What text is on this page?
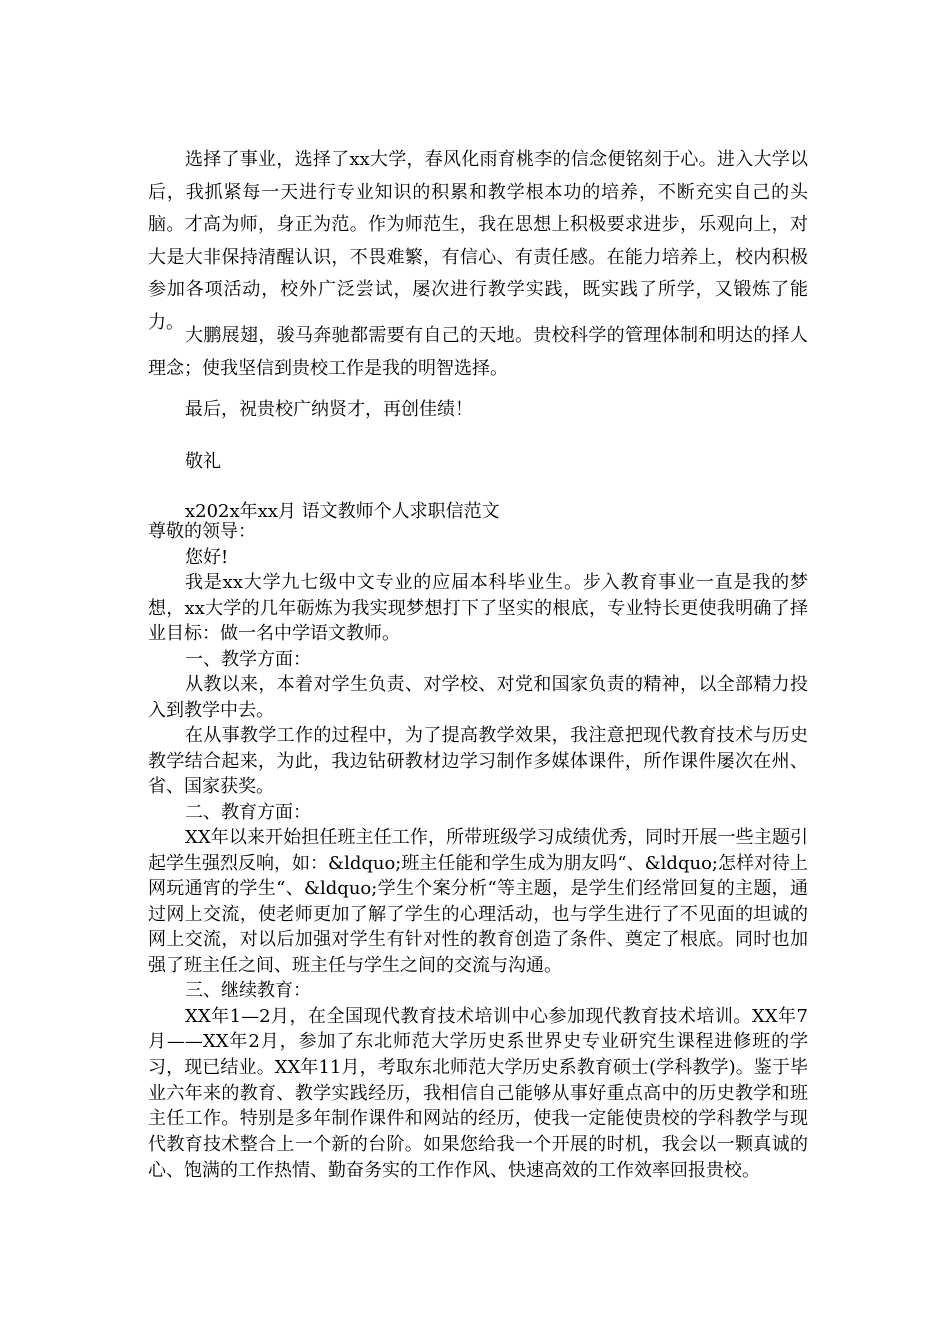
选择了事业，选择了xx大学，春风化雨育桃李的信念便铭刻于心。进入大学以后，我抓紧每一天进行专业知识的积累和教学根本功的培养，不断充实自己的头脑。才高为师，身正为范。作为师范生，我在思想上积极要求进步，乐观向上，对大是大非保持清醒认识，不畏难繁，有信心、有责任感。在能力培养上，校内积极参加各项活动，校外广泛尝试，屡次进行教学实践，既实践了所学，又锻炼了能力。

大鹏展翅，骏马奔驰都需要有自己的天地。贵校科学的管理体制和明达的择人理念；使我坚信到贵校工作是我的明智选择。

最后，祝贵校广纳贤才，再创佳绩！

敬礼

x202x年xx月 语文教师个人求职信范文

尊敬的领导：

您好!

我是xx大学九七级中文专业的应届本科毕业生。步入教育事业一直是我的梦想，xx大学的几年砺炼为我实现梦想打下了坚实的根底，专业特长更使我明确了择业目标：做一名中学语文教师。

一、教学方面：

从教以来，本着对学生负责、对学校、对党和国家负责的精神，以全部精力投入到教学中去。

在从事教学工作的过程中，为了提高教学效果，我注意把现代教育技术与历史教学结合起来，为此，我边钻研教材边学习制作多媒体课件，所作课件屡次在州、省、国家获奖。

二、教育方面：

XX年以来开始担任班主任工作，所带班级学习成绩优秀，同时开展一些主题引起学生强烈反响，如：&ldquo;班主任能和学生成为朋友吗“、&ldquo;怎样对待上网玩通宵的学生“、&ldquo;学生个案分析“等主题，是学生们经常回复的主题，通过网上交流，使老师更加了解了学生的心理活动，也与学生进行了不见面的坦诚的网上交流，对以后加强对学生有针对性的教育创造了条件、奠定了根底。同时也加强了班主任之间、班主任与学生之间的交流与沟通。

三、继续教育：

XX年1—2月，在全国现代教育技术培训中心参加现代教育技术培训。XX年7月——XX年2月，参加了东北师范大学历史系世界史专业研究生课程进修班的学习，现已结业。XX年11月，考取东北师范大学历史系教育硕士(学科教学)。鉴于毕业六年来的教育、教学实践经历，我相信自己能够从事好重点高中的历史教学和班主任工作。特别是多年制作课件和网站的经历，使我一定能使贵校的学科教学与现代教育技术整合上一个新的台阶。如果您给我一个开展的时机，我会以一颗真诚的心、饱满的工作热情、勤奋务实的工作作风、快速高效的工作效率回报贵校。
